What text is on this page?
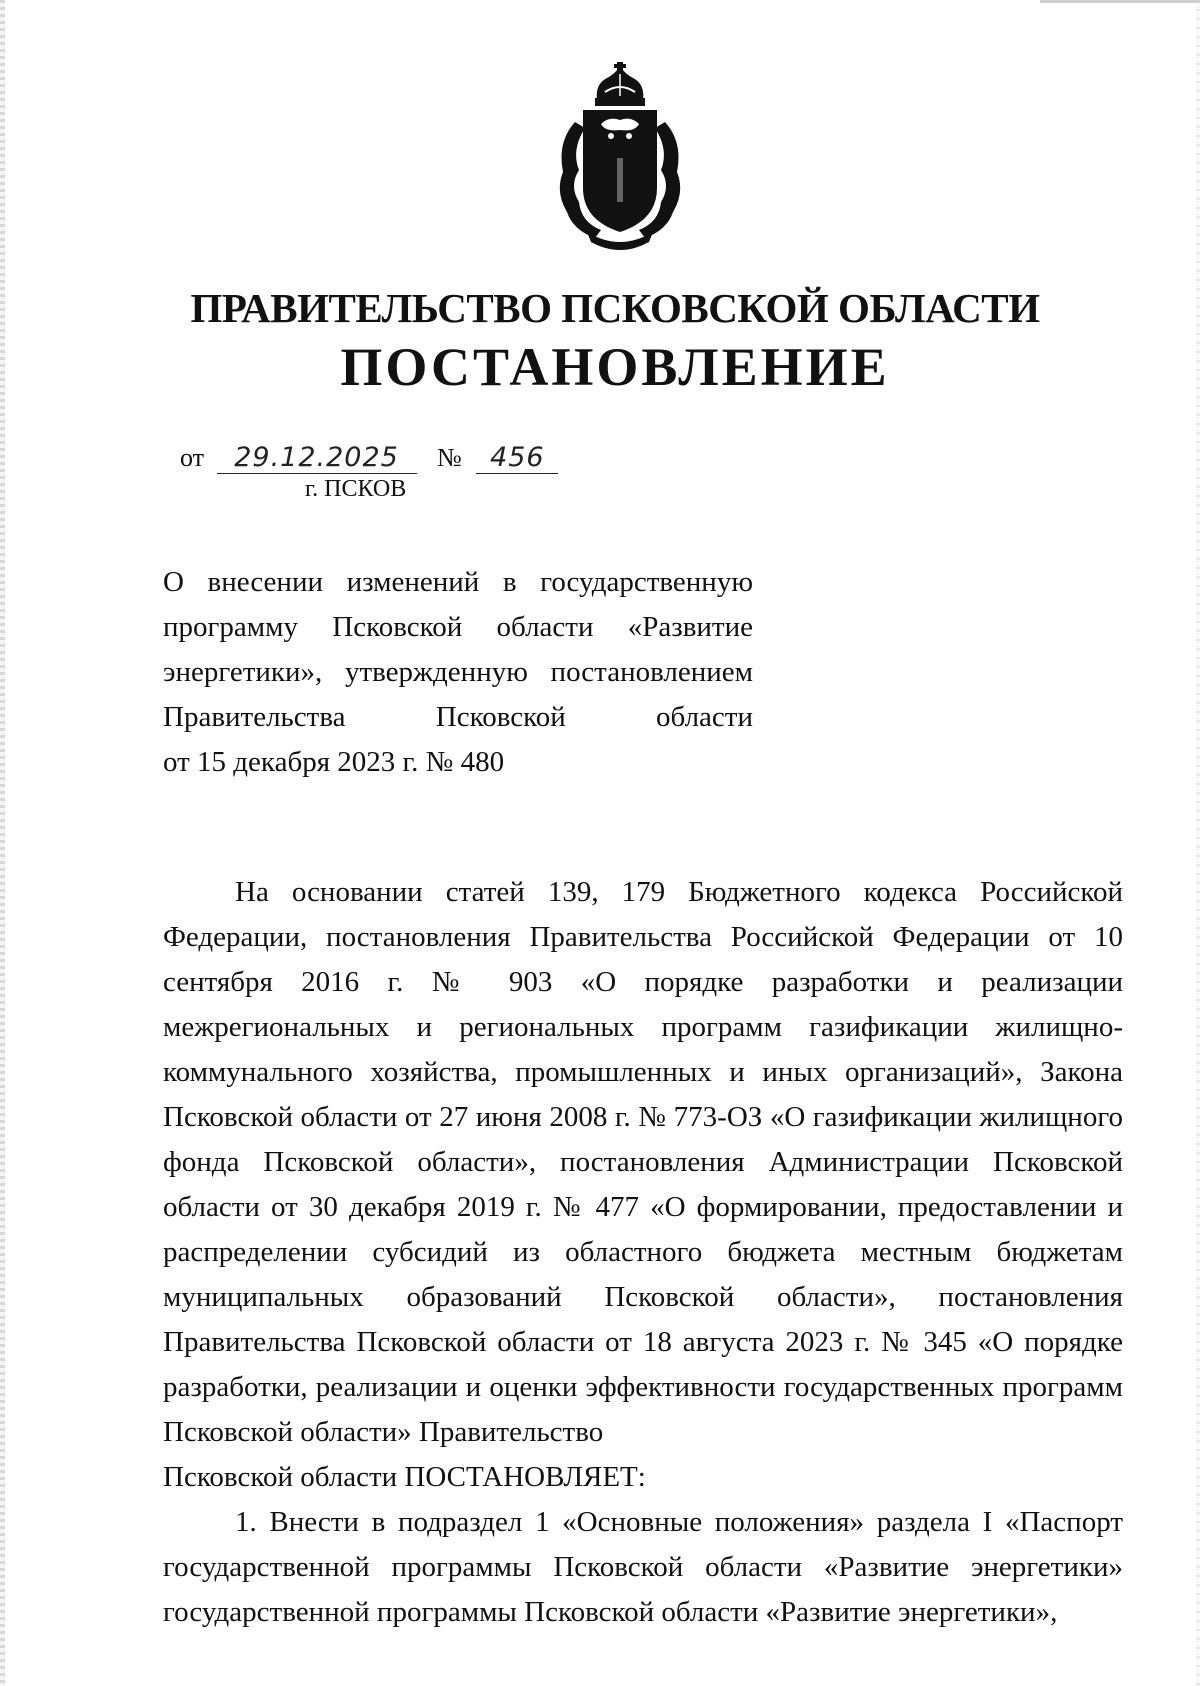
ПРАВИТЕЛЬСТВО ПСКОВСКОЙ ОБЛАСТИ
ПОСТАНОВЛЕНИЕ
от 29.12.2025 № 456
г. ПСКОВ
О внесении изменений в государственную
программу Псковской области «Развитие
энергетики», утвержденную постановлением
Правительства Псковской области
от 15 декабря 2023 г. № 480

На основании статей 139, 179 Бюджетного кодекса Российской Федерации, постановления Правительства Российской Федерации от 10 сентября 2016 г. № 903 «О порядке разработки и реализации межрегиональных и региональных программ газификации жилищно-коммунального хозяйства, промышленных и иных организаций», Закона Псковской области от 27 июня 2008 г. № 773-ОЗ «О газификации жилищного фонда Псковской области», постановления Администрации Псковской области от 30 декабря 2019 г. № 477 «О формировании, предоставлении и распределении субсидий из областного бюджета местным бюджетам муниципальных образований Псковской области», постановления Правительства Псковской области от 18 августа 2023 г. № 345 «О порядке разработки, реализации и оценки эффективности государственных программ Псковской области» Правительство

Псковской области ПОСТАНОВЛЯЕТ:

1. Внести в подраздел 1 «Основные положения» раздела I «Паспорт государственной программы Псковской области «Развитие энергетики» государственной программы Псковской области «Развитие энергетики»,
